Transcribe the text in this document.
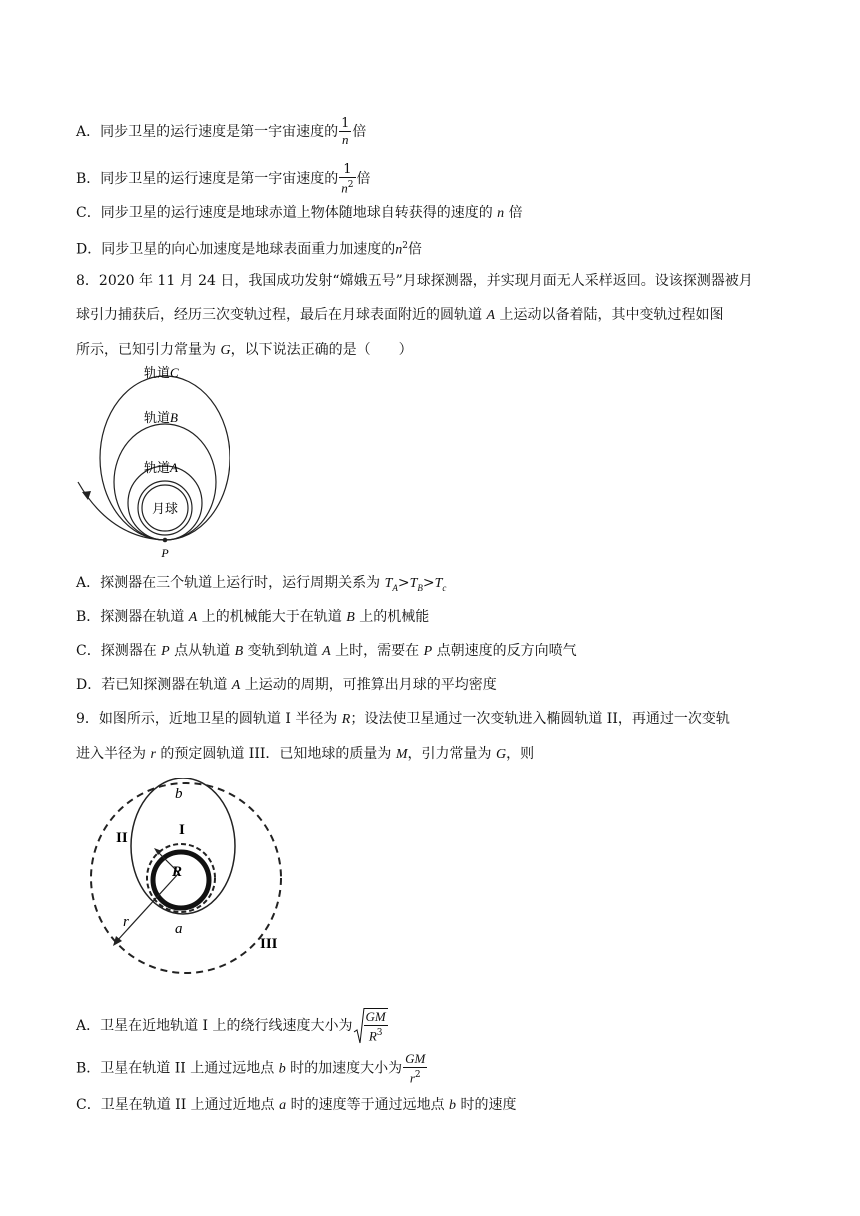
A．同步卫星的运行速度是第一宇宙速度的 $\frac{1}{n}$ 倍
B．同步卫星的运行速度是第一宇宙速度的 $\frac{1}{n^2}$ 倍
C．同步卫星的运行速度是地球赤道上物体随地球自转获得的速度的 n 倍
D．同步卫星的向心加速度是地球表面重力加速度的$n^2$倍
8．2020 年 11 月 24 日，我国成功发射“嫦娥五号”月球探测器，并实现月面无人采样返回。设该探测器被月
球引力捕获后，经历三次变轨过程，最后在月球表面附近的圆轨道 A 上运动以备着陆，其中变轨过程如图
所示，已知引力常量为 G，以下说法正确的是（　　）
轨道C
轨道B
轨道A
月球
P
A．探测器在三个轨道上运行时，运行周期关系为 $T_A>T_B>T_c$
B．探测器在轨道 A 上的机械能大于在轨道 B 上的机械能
C．探测器在 P 点从轨道 B 变轨到轨道 A 上时，需要在 P 点朝速度的反方向喷气
D．若已知探测器在轨道 A 上运动的周期，可推算出月球的平均密度
9．如图所示，近地卫星的圆轨道 I 半径为 R；设法使卫星通过一次变轨进入椭圆轨道 II，再通过一次变轨
进入半径为 r 的预定圆轨道 III．已知地球的质量为 M，引力常量为 G，则
b
I
II
R
a
r
III
A．卫星在近地轨道 I 上的绕行线速度大小为 $\frac{GM}{R^3}$
B．卫星在轨道 II 上通过远地点 b 时的加速度大小为 $\frac{GM}{r^2}$
C．卫星在轨道 II 上通过近地点 a 时的速度等于通过远地点 b 时的速度
